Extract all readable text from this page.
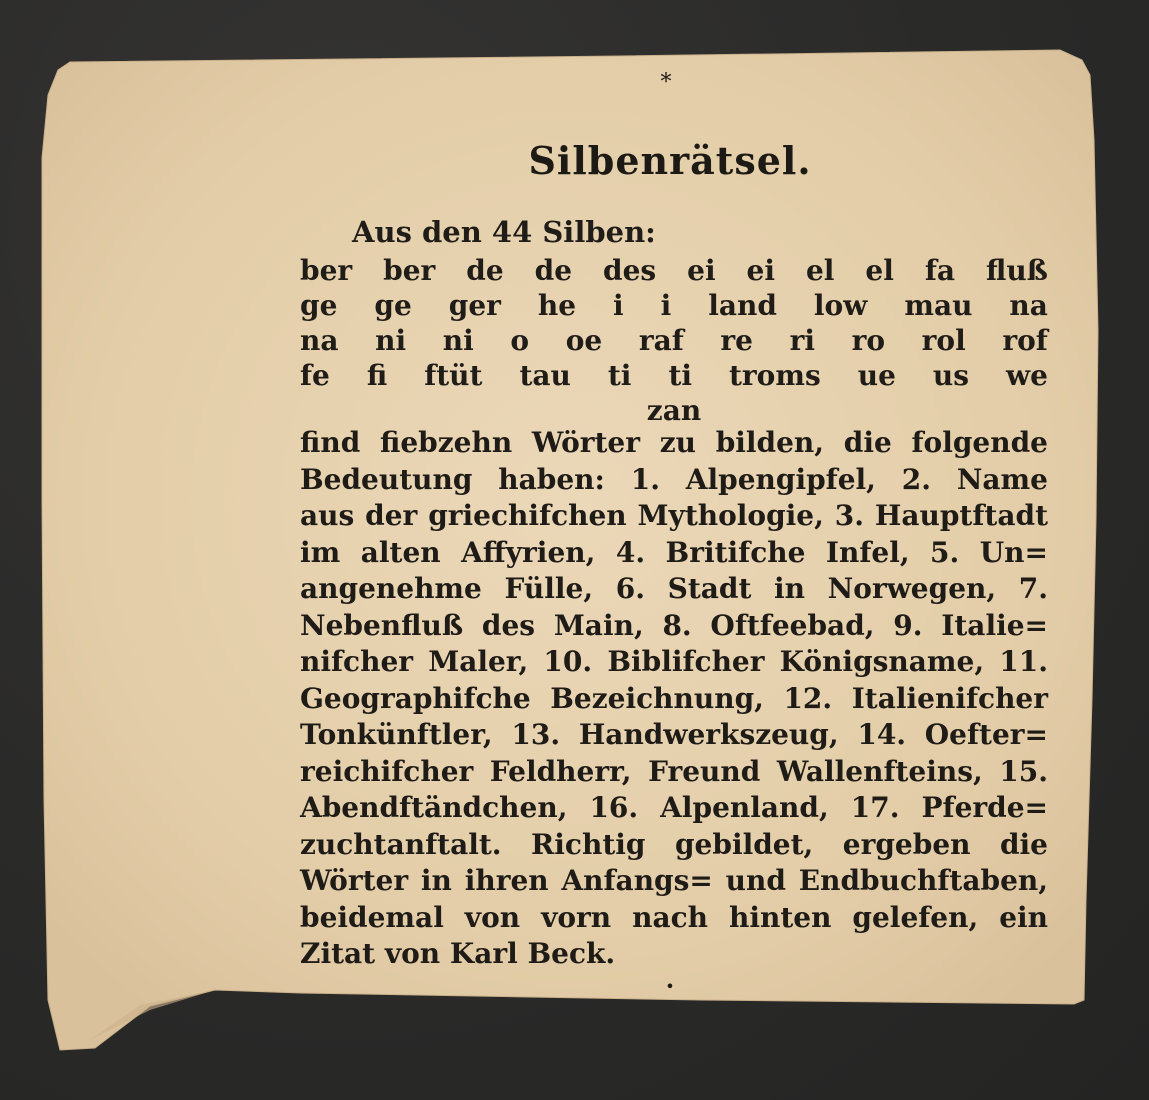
*
Silbenrätsel.
Aus den 44 Silben:
ber ber de de des ei ei el el fa fluß
ge ge ger he i i land low mau na
na ni ni o oe raf re ri ro rol rof
fe fi ftüt tau ti ti troms ue us we
zan
find fiebzehn Wörter zu bilden, die folgende
Bedeutung haben: 1. Alpengipfel, 2. Name
aus der griechifchen Mythologie, 3. Hauptftadt
im alten Affyrien, 4. Britifche Infel, 5. Un=
angenehme Fülle, 6. Stadt in Norwegen, 7.
Nebenfluß des Main, 8. Oftfeebad, 9. Italie=
nifcher Maler, 10. Biblifcher Königsname, 11.
Geographifche Bezeichnung, 12. Italienifcher
Tonkünftler, 13. Handwerkszeug, 14. Oefter=
reichifcher Feldherr, Freund Wallenfteins, 15.
Abendftändchen, 16. Alpenland, 17. Pferde=
zuchtanftalt. Richtig gebildet, ergeben die
Wörter in ihren Anfangs= und Endbuchftaben,
beidemal von vorn nach hinten gelefen, ein
Zitat von Karl Beck.
•
